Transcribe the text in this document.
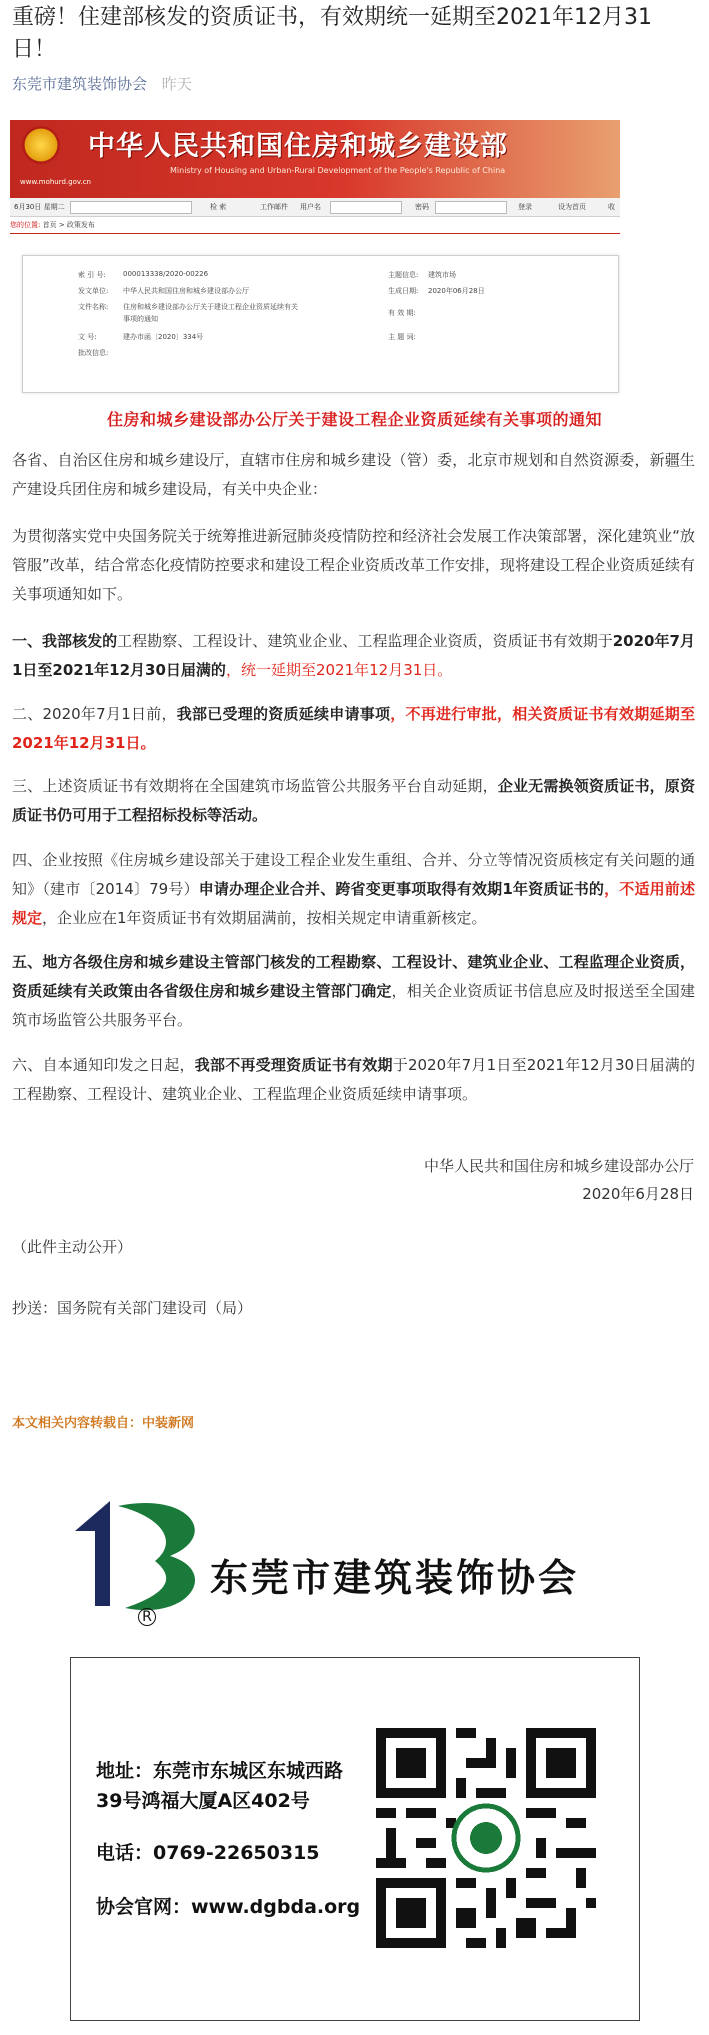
重磅！住建部核发的资质证书，有效期统一延期至2021年12月31日！
东莞市建筑装饰协会 昨天
中华人民共和国住房和城乡建设部
Ministry of Housing and Urban-Rural Development of the People's Republic of China
www.mohurd.gov.cn
6月30日 星期二	检 索	工作邮件 用户名	密码	登录	设为首页	收
您的位置: 首页 > 政策发布
索 引 号: 000013338/2020-00226	主题信息: 建筑市场
发文单位: 中华人民共和国住房和城乡建设部办公厅	生成日期: 2020年06月28日
文件名称: 住房和城乡建设部办公厅关于建设工程企业资质延续有关
事项的通知
有 效 期:
文 号:	建办市函〔2020〕334号	主 题 词:
批改信息:
住房和城乡建设部办公厅关于建设工程企业资质延续有关事项的通知

各省、自治区住房和城乡建设厅，直辖市住房和城乡建设（管）委，北京市规划和自然资源委，新疆生产建设兵团住房和城乡建设局，有关中央企业：

为贯彻落实党中央国务院关于统筹推进新冠肺炎疫情防控和经济社会发展工作决策部署，深化建筑业“放管服”改革，结合常态化疫情防控要求和建设工程企业资质改革工作安排，现将建设工程企业资质延续有关事项通知如下。

一、我部核发的工程勘察、工程设计、建筑业企业、工程监理企业资质，资质证书有效期于2020年7月1日至2021年12月30日届满的，统一延期至2021年12月31日。

二、2020年7月1日前，我部已受理的资质延续申请事项，不再进行审批，相关资质证书有效期延期至2021年12月31日。

三、上述资质证书有效期将在全国建筑市场监管公共服务平台自动延期，企业无需换领资质证书，原资质证书仍可用于工程招标投标等活动。

四、企业按照《住房城乡建设部关于建设工程企业发生重组、合并、分立等情况资质核定有关问题的通知》（建市〔2014〕79号）申请办理企业合并、跨省变更事项取得有效期1年资质证书的，不适用前述规定，企业应在1年资质证书有效期届满前，按相关规定申请重新核定。

五、地方各级住房和城乡建设主管部门核发的工程勘察、工程设计、建筑业企业、工程监理企业资质，资质延续有关政策由各省级住房和城乡建设主管部门确定，相关企业资质证书信息应及时报送至全国建筑市场监管公共服务平台。

六、自本通知印发之日起，我部不再受理资质证书有效期于2020年7月1日至2021年12月30日届满的工程勘察、工程设计、建筑业企业、工程监理企业资质延续申请事项。

中华人民共和国住房和城乡建设部办公厅
2020年6月28日
（此件主动公开）
抄送：国务院有关部门建设司（局）
本文相关内容转载自：中装新网
R
东莞市建筑装饰协会
地址：东莞市东城区东城西路
39号鸿福大厦A区402号
电话：0769-22650315
协会官网：www.dgbda.org
